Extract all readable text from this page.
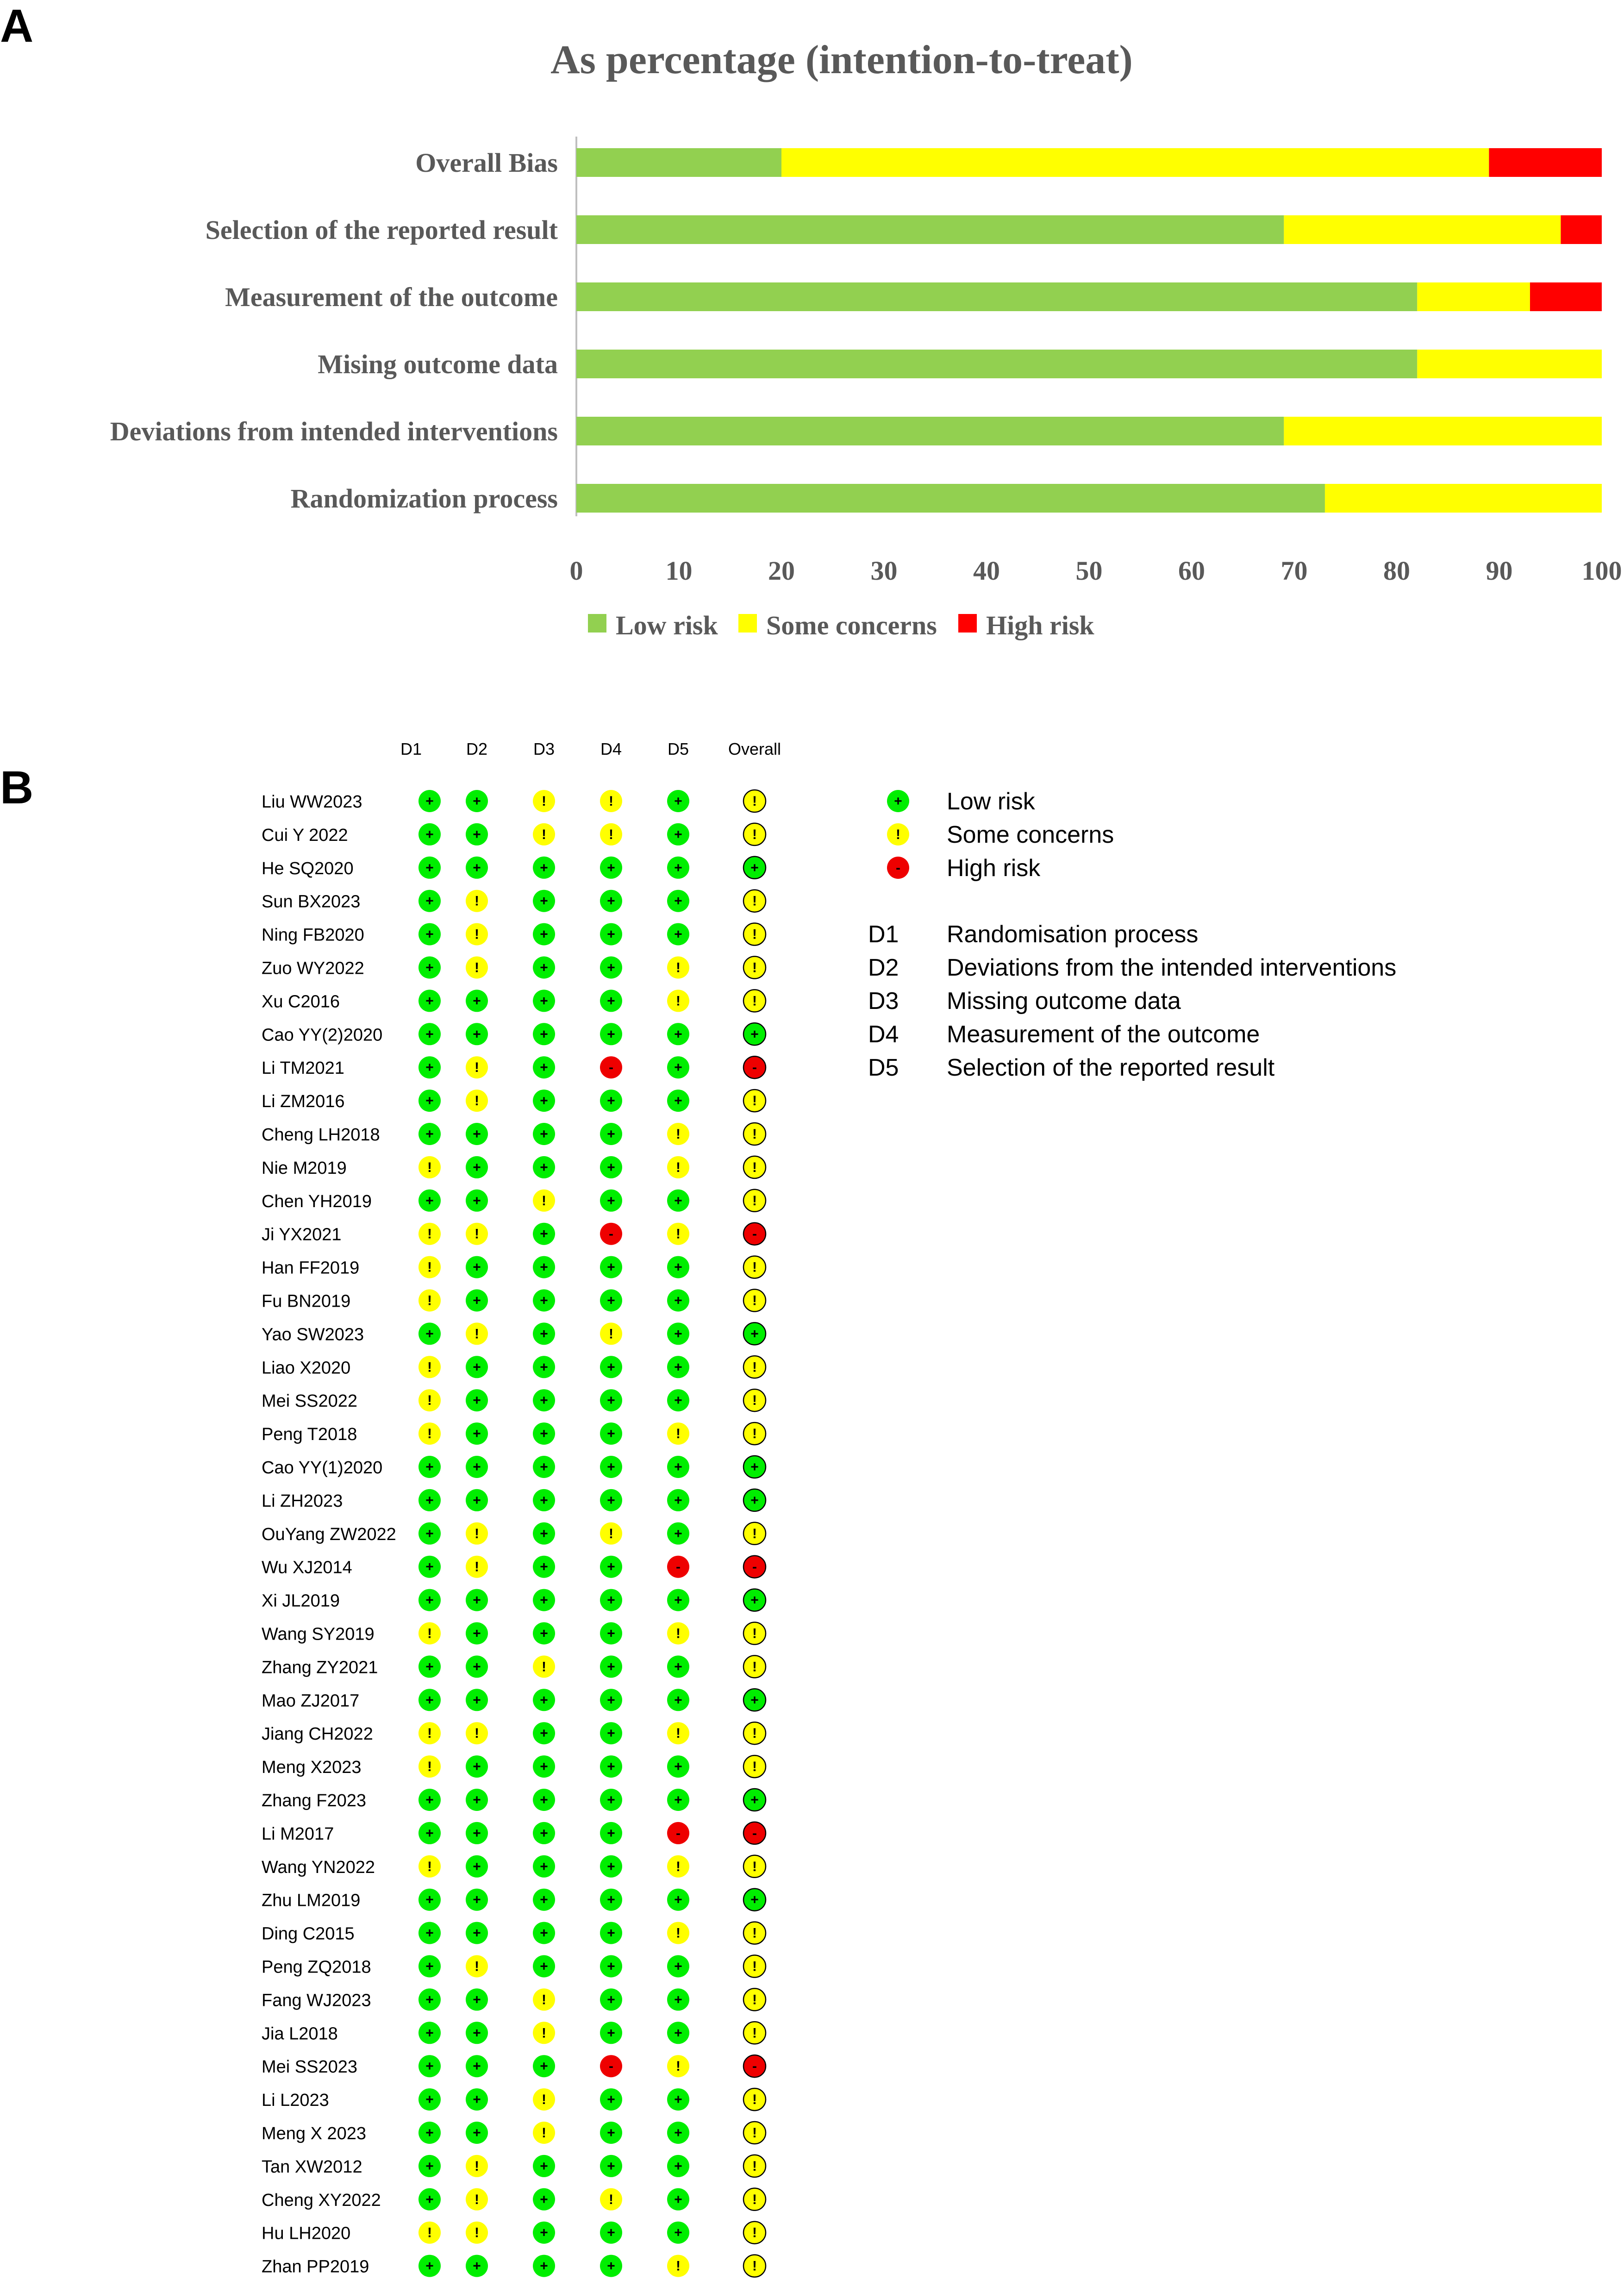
A
As percentage (intention-to-treat)
Overall Bias
Selection of the reported result
Measurement of the outcome
Mising outcome data
Deviations from intended interventions
Randomization process
0	10	20	30	40	50	60	70	80	90	100
Low risk Some concerns High risk
B
D1	D2	D3	D4	D5 Overall
Liu WW2023	+	+	!	!	+	!
Cui Y 2022	+	+	!	!	+	!
He SQ2020	+	+	+	+	+	+
Sun BX2023	+	!	+	+	+	!
Ning FB2020	+	!	+	+	+	!
Zuo WY2022	+	!	+	+	!	!
Xu C2016	+	+	+	+	!	!
Cao YY(2)2020	+	+	+	+	+	+
Li TM2021	+	!	+	-	+	-
Li ZM2016	+	!	+	+	+	!
Cheng LH2018	+	+	+	+	!	!
Nie M2019	!	+	+	+	!	!
Chen YH2019	+	+	!	+	+	!
Ji YX2021	!	!	+	-	!	-
Han FF2019	!	+	+	+	+	!
Fu BN2019	!	+	+	+	+	!
Yao SW2023	+	!	+	!	+	+
Liao X2020	!	+	+	+	+	!
Mei SS2022	!	+	+	+	+	!
Peng T2018	!	+	+	+	!	!
Cao YY(1)2020	+	+	+	+	+	+
Li ZH2023	+	+	+	+	+	+
OuYang ZW2022 +	!	+	!	+	!
Wu XJ2014	+	!	+	+	-	-
Xi JL2019	+	+	+	+	+	+
Wang SY2019	!	+	+	+	!	!
Zhang ZY2021	+	+	!	+	+	!
Mao ZJ2017	+	+	+	+	+	+
Jiang CH2022	!	!	+	+	!	!
Meng X2023	!	+	+	+	+	!
Zhang F2023	+	+	+	+	+	+
Li M2017	+	+	+	+	-	-
Wang YN2022	!	+	+	+	!	!
Zhu LM2019	+	+	+	+	+	+
Ding C2015	+	+	+	+	!	!
Peng ZQ2018	+	!	+	+	+	!
Fang WJ2023	+	+	!	+	+	!
Jia L2018	+	+	!	+	+	!
Mei SS2023	+	+	+	-	!	-
Li L2023	+	+	!	+	+	!
Meng X 2023	+	+	!	+	+	!
Tan XW2012	+	!	+	+	+	!
Cheng XY2022	+	!	+	!	+	!
Hu LH2020	!	!	+	+	+	!
Zhan PP2019	+	+	+	+	!	!
+ Low risk
! Some concerns
- High risk
D1 Randomisation process
D2 Deviations from the intended interventions
D3 Missing outcome data
D4 Measurement of the outcome
D5 Selection of the reported result
